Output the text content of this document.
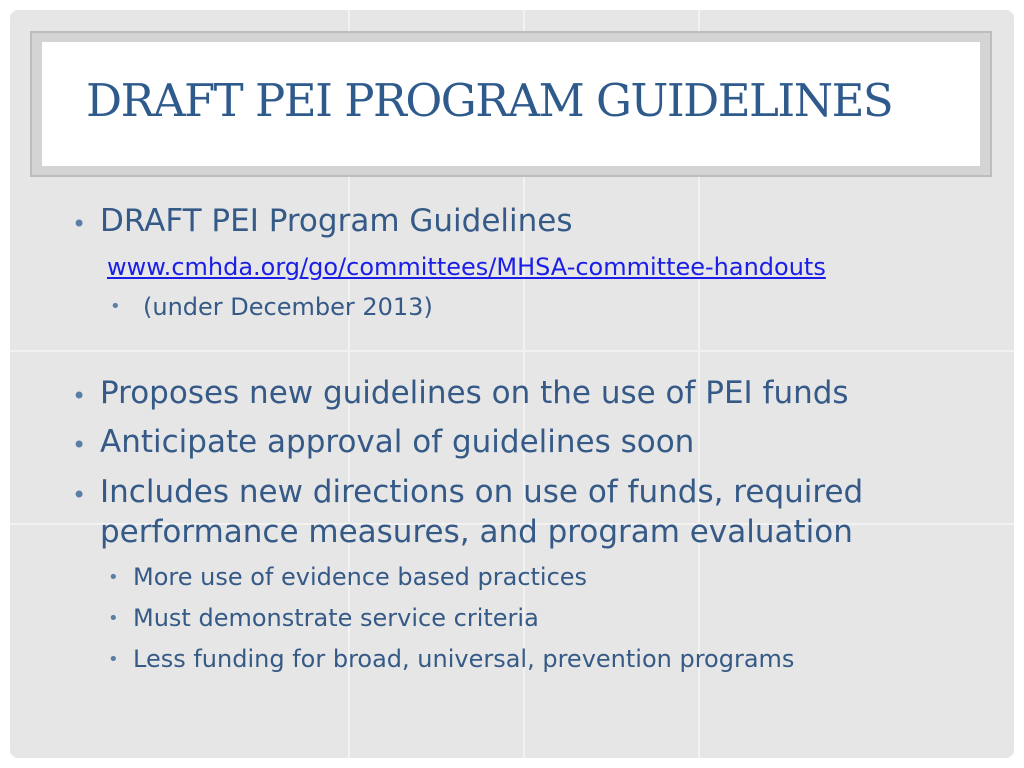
DRAFT PEI PROGRAM GUIDELINES
• DRAFT PEI Program Guidelines
www.cmhda.org/go/committees/MHSA-committee-handouts
• (under December 2013)
• Proposes new guidelines on the use of PEI funds
• Anticipate approval of guidelines soon
• Includes new directions on use of funds, required
performance measures, and program evaluation
• More use of evidence based practices
• Must demonstrate service criteria
• Less funding for broad, universal, prevention programs
